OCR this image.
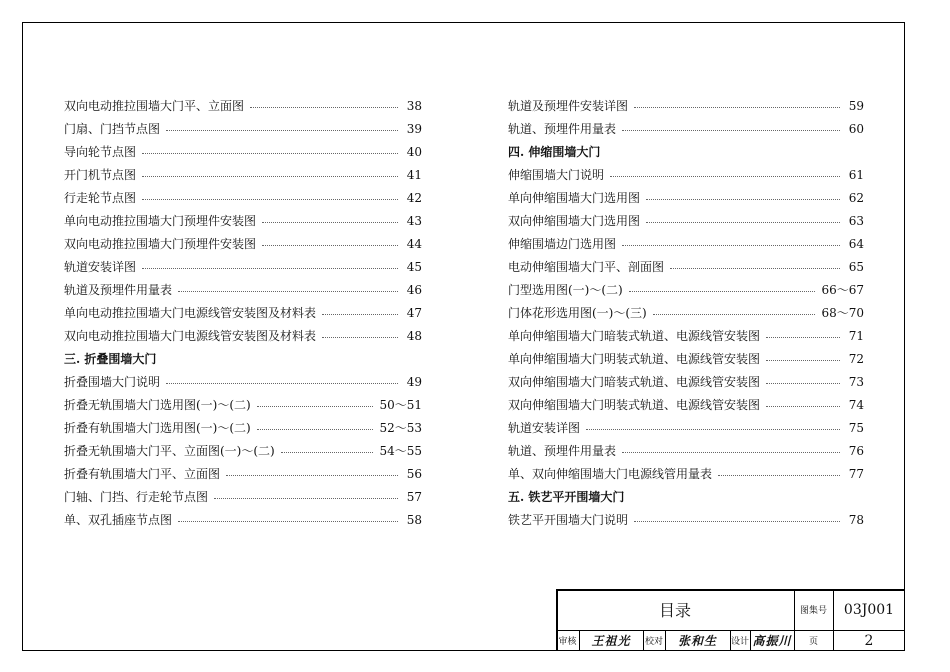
双向电动推拉围墙大门平、立面图	38
门扇、门挡节点图	39
导向轮节点图	40
开门机节点图	41
行走轮节点图	42
单向电动推拉围墙大门预埋件安装图	43
双向电动推拉围墙大门预埋件安装图	44
轨道安装详图	45
轨道及预埋件用量表	46
单向电动推拉围墙大门电源线管安装图及材料表	47
双向电动推拉围墙大门电源线管安装图及材料表	48
三. 折叠围墙大门
折叠围墙大门说明	49
折叠无轨围墙大门选用图(一)～(二)	50～51
折叠有轨围墙大门选用图(一)～(二)	52～53
折叠无轨围墙大门平、立面图(一)～(二)	54～55
折叠有轨围墙大门平、立面图	56
门轴、门挡、行走轮节点图	57
单、双孔插座节点图	58
轨道及预埋件安装详图	59
轨道、预埋件用量表	60
四. 伸缩围墙大门
伸缩围墙大门说明	61
单向伸缩围墙大门选用图	62
双向伸缩围墙大门选用图	63
伸缩围墙边门选用图	64
电动伸缩围墙大门平、剖面图	65
门型选用图(一)～(二)	66～67
门体花形选用图(一)～(三)	68～70
单向伸缩围墙大门暗装式轨道、电源线管安装图	71
单向伸缩围墙大门明装式轨道、电源线管安装图	72
双向伸缩围墙大门暗装式轨道、电源线管安装图	73
双向伸缩围墙大门明装式轨道、电源线管安装图	74
轨道安装详图	75
轨道、预埋件用量表	76
单、双向伸缩围墙大门电源线管用量表	77
五. 铁艺平开围墙大门
铁艺平开围墙大门说明	78
目录	图集号	03J001
审核	王祖光	校对	张和生	设计 高振川	页	2
